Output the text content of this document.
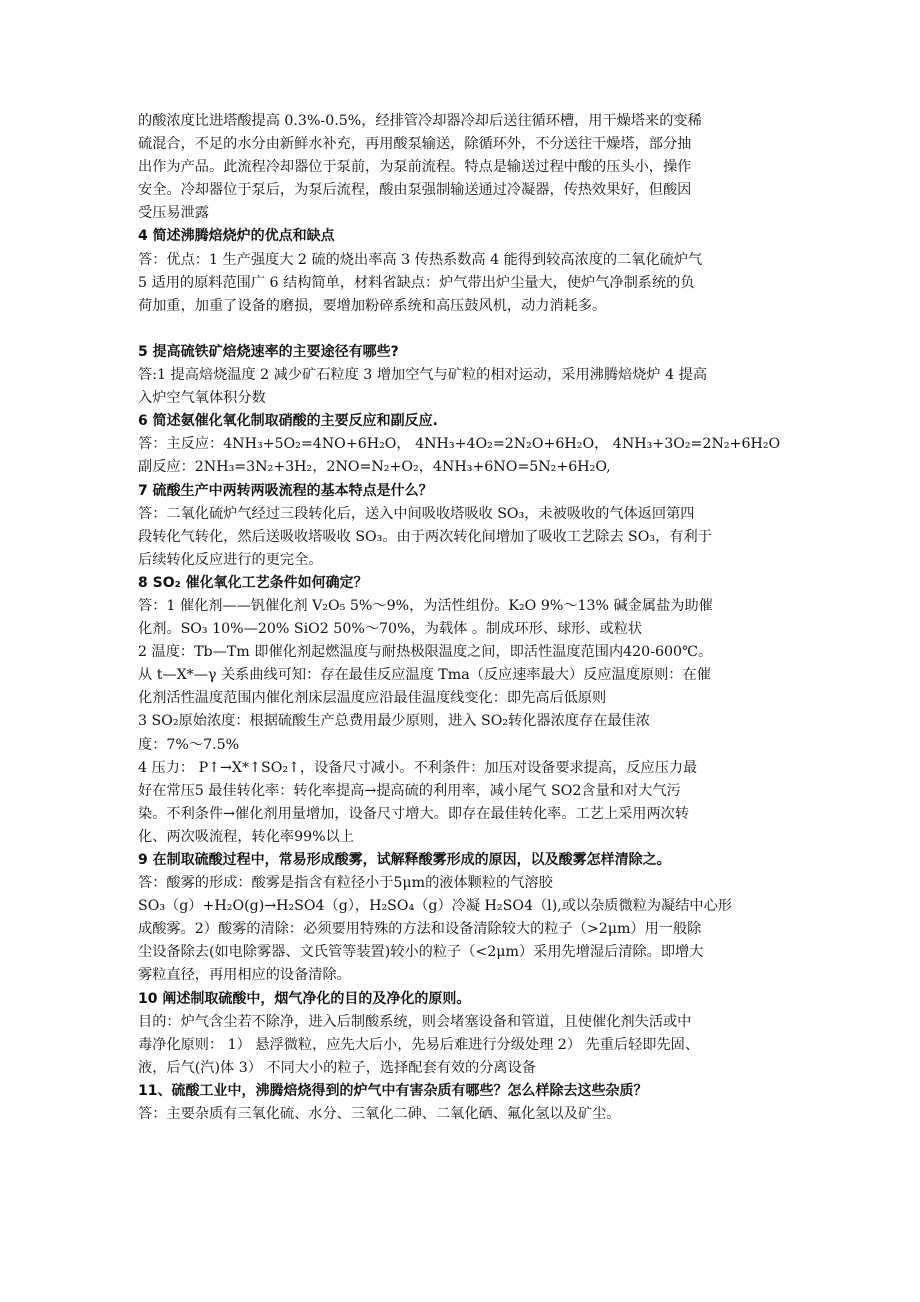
的酸浓度比进塔酸提高 0.3%-0.5%，经排管冷却器冷却后送往循环槽，用干燥塔来的变稀
硫混合，不足的水分由新鲜水补充，再用酸泵输送，除循环外，不分送往干燥塔，部分抽
出作为产品。此流程冷却器位于泵前，为泵前流程。特点是输送过程中酸的压头小，操作
安全。冷却器位于泵后，为泵后流程，酸由泵强制输送通过冷凝器，传热效果好，但酸因
受压易泄露
4 简述沸腾焙烧炉的优点和缺点
答：优点：1 生产强度大 2 硫的烧出率高 3 传热系数高 4 能得到较高浓度的二氧化硫炉气
5 适用的原料范围广 6 结构简单，材料省缺点：炉气带出炉尘量大，使炉气净制系统的负
荷加重，加重了设备的磨损，要增加粉碎系统和高压鼓风机，动力消耗多。
5 提高硫铁矿焙烧速率的主要途径有哪些?
答:1 提高焙烧温度 2 减少矿石粒度 3 增加空气与矿粒的相对运动，采用沸腾焙烧炉 4 提高
入炉空气氧体积分数
6 简述氨催化氧化制取硝酸的主要反应和副反应.
答：主反应：4NH₃+5O₂=4NO+6H₂O， 4NH₃+4O₂=2N₂O+6H₂O， 4NH₃+3O₂=2N₂+6H₂O
副反应：2NH₃=3N₂+3H₂，2NO=N₂+O₂，4NH₃+6NO=5N₂+6H₂O,
7 硫酸生产中两转两吸流程的基本特点是什么？
答：二氧化硫炉气经过三段转化后，送入中间吸收塔吸收 SO₃，未被吸收的气体返回第四
段转化气转化，然后送吸收塔吸收 SO₃。由于两次转化间增加了吸收工艺除去 SO₃，有利于
后续转化反应进行的更完全。
8 SO₂ 催化氧化工艺条件如何确定？
答：1 催化剂——钒催化剂 V₂O₅ 5%～9%，为活性组份。K₂O 9%～13% 碱金属盐为助催
化剂。SO₃ 10%—20% SiO2 50%～70%，为载体 。制成环形、球形、或粒状
2 温度：Tb—Tm 即催化剂起燃温度与耐热极限温度之间，即活性温度范围内420-600℃。
从 t—X*—γ 关系曲线可知：存在最佳反应温度 Tma（反应速率最大）反应温度原则：在催
化剂活性温度范围内催化剂床层温度应沿最佳温度线变化：即先高后低原则
3 SO₂原始浓度：根据硫酸生产总费用最少原则，进入 SO₂转化器浓度存在最佳浓
度：7%～7.5%
4 压力： P↑→X*↑SO₂↑，设备尺寸减小。不利条件：加压对设备要求提高，反应压力最
好在常压5 最佳转化率：转化率提高→提高硫的利用率，减小尾气 SO2含量和对大气污
染。不利条件→催化剂用量增加，设备尺寸增大。即存在最佳转化率。工艺上采用两次转
化、两次吸流程，转化率99%以上
9 在制取硫酸过程中，常易形成酸雾，试解释酸雾形成的原因，以及酸雾怎样清除之。
答：酸雾的形成：酸雾是指含有粒径小于5μm的液体颗粒的气溶胶
SO₃（g）+H₂O(g)→H₂SO4（g），H₂SO₄（g）冷凝 H₂SO4（l),或以杂质微粒为凝结中心形
成酸雾。2）酸雾的清除：必须要用特殊的方法和设备清除较大的粒子（>2μm）用一般除
尘设备除去(如电除雾器、文氏管等装置)较小的粒子（<2μm）采用先增湿后清除。即增大
雾粒直径，再用相应的设备清除。
10 阐述制取硫酸中，烟气净化的目的及净化的原则。
目的：炉气含尘若不除净，进入后制酸系统，则会堵塞设备和管道，且使催化剂失活或中
毒净化原则： 1） 悬浮微粒，应先大后小，先易后难进行分级处理 2） 先重后轻即先固、
液，后气(汽)体 3） 不同大小的粒子，选择配套有效的分离设备
11、硫酸工业中，沸腾焙烧得到的炉气中有害杂质有哪些？怎么样除去这些杂质？
答：主要杂质有三氧化硫、水分、三氧化二砷、二氧化硒、氟化氢以及矿尘。
